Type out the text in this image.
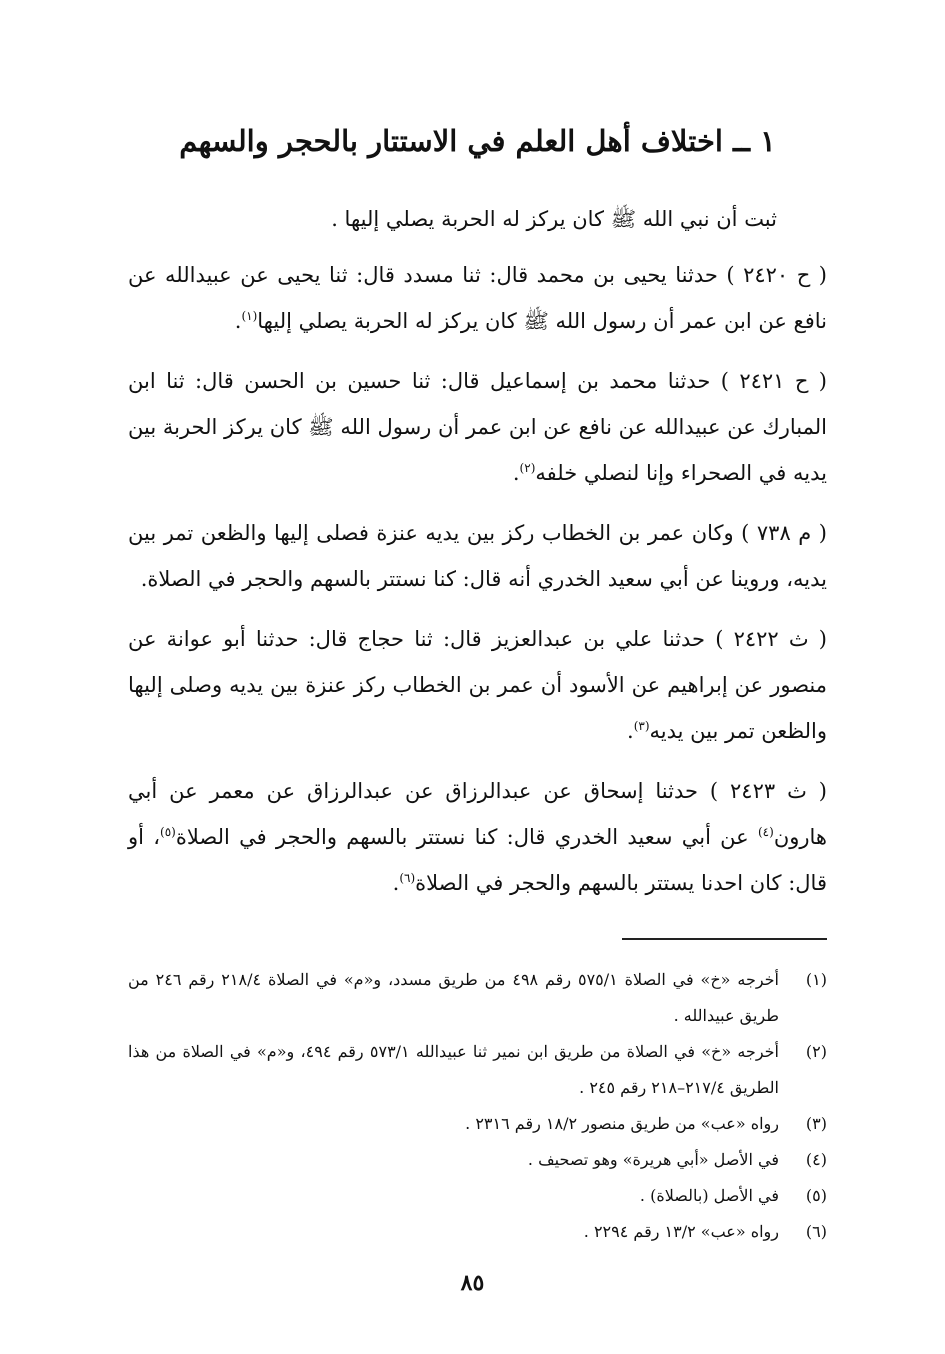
١ ــ اختلاف أهل العلم في الاستتار بالحجر والسهم

ثبت أن نبي الله ﷺ كان يركز له الحربة يصلي إليها .

( ح ٢٤٢٠ ) حدثنا يحيى بن محمد قال: ثنا مسدد قال: ثنا يحيى عن عبيدالله عن نافع عن ابن عمر أن رسول الله ﷺ كان يركز له الحربة يصلي إليها$^{(١)}$.

( ح ٢٤٢١ ) حدثنا محمد بن إسماعيل قال: ثنا حسين بن الحسن قال: ثنا ابن المبارك عن عبيدالله عن نافع عن ابن عمر أن رسول الله ﷺ كان يركز الحربة بين يديه في الصحراء وإنا لنصلي خلفه$^{(٢)}$.

( م ٧٣٨ ) وكان عمر بن الخطاب ركز بين يديه عنزة فصلى إليها والظعن تمر بين يديه، وروينا عن أبي سعيد الخدري أنه قال: كنا نستتر بالسهم والحجر في الصلاة.

( ث ٢٤٢٢ ) حدثنا علي بن عبدالعزيز قال: ثنا حجاج قال: حدثنا أبو عوانة عن منصور عن إبراهيم عن الأسود أن عمر بن الخطاب ركز عنزة بين يديه وصلى إليها والظعن تمر بين يديه$^{(٣)}$.

( ث ٢٤٢٣ ) حدثنا إسحاق عن عبدالرزاق عن عبدالرزاق عن معمر عن أبي هارون$^{(٤)}$ عن أبي سعيد الخدري قال: كنا نستتر بالسهم والحجر في الصلاة$^{(٥)}$، أو قال: كان احدنا يستتر بالسهم والحجر في الصلاة$^{(٦)}$.

(١)
أخرجه «خ» في الصلاة ٥٧٥/١ رقم ٤٩٨ من طريق مسدد، و«م» في الصلاة ٢١٨/٤ رقم ٢٤٦ من طريق عبيدالله .
(٢)
أخرجه «خ» في الصلاة من طريق ابن نمير ثنا عبيدالله ٥٧٣/١ رقم ٤٩٤، و«م» في الصلاة من هذا الطريق ٢١٧/٤–٢١٨ رقم ٢٤٥ .
(٣)
رواه «عب» من طريق منصور ١٨/٢ رقم ٢٣١٦ .
(٤)
في الأصل «أبي هريرة» وهو تصحيف .
(٥)
في الأصل (بالصلاة) .
(٦)
رواه «عب» ١٣/٢ رقم ٢٢٩٤ .
٨٥
